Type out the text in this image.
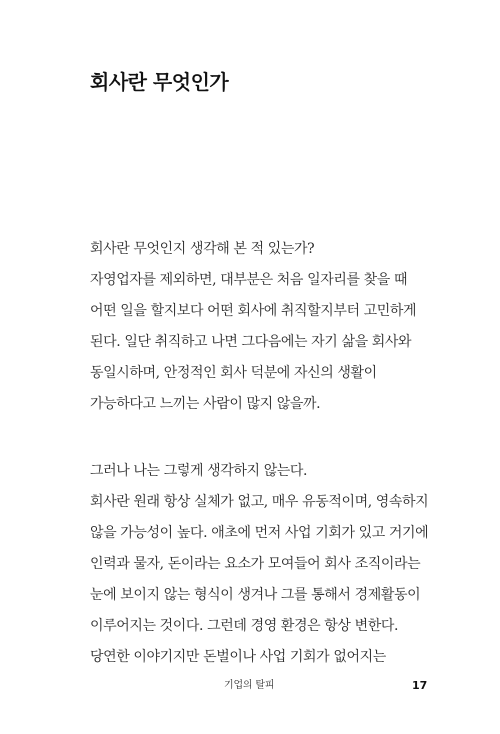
회사란 무엇인가

회사란 무엇인지 생각해 본 적 있는가?
자영업자를 제외하면, 대부분은 처음 일자리를 찾을 때
어떤 일을 할지보다 어떤 회사에 취직할지부터 고민하게
된다. 일단 취직하고 나면 그다음에는 자기 삶을 회사와
동일시하며, 안정적인 회사 덕분에 자신의 생활이
가능하다고 느끼는 사람이 많지 않을까.

그러나 나는 그렇게 생각하지 않는다.
회사란 원래 항상 실체가 없고, 매우 유동적이며, 영속하지
않을 가능성이 높다. 애초에 먼저 사업 기회가 있고 거기에
인력과 물자, 돈이라는 요소가 모여들어 회사 조직이라는
눈에 보이지 않는 형식이 생겨나 그를 통해서 경제활동이
이루어지는 것이다. 그런데 경영 환경은 항상 변한다.
당연한 이야기지만 돈벌이나 사업 기회가 없어지는

기업의 탈피	17
